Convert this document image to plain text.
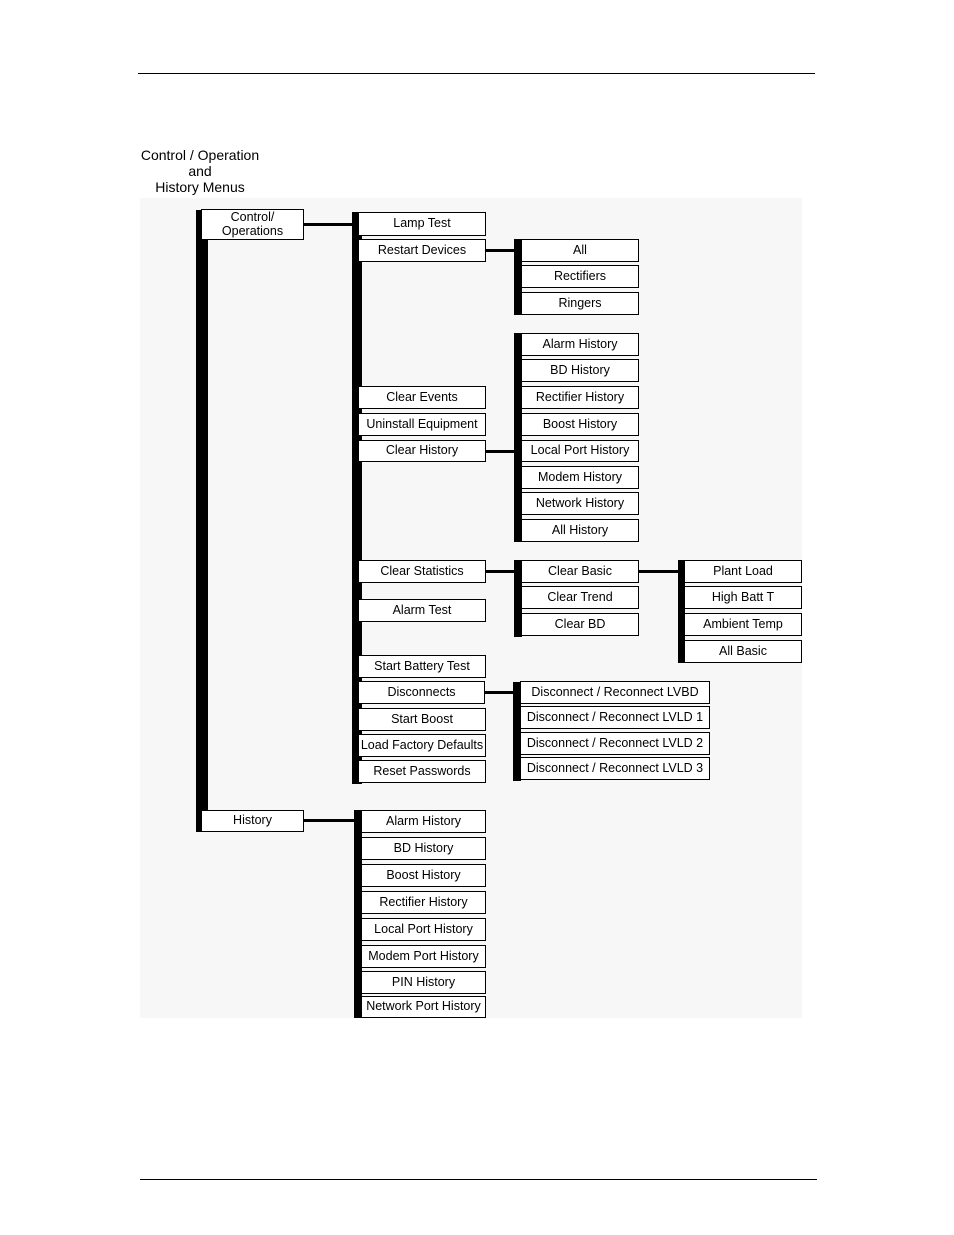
Control / Operation
and
History Menus
Control/
Operations
History
Lamp Test
Restart Devices
Clear Events
Uninstall Equipment
Clear History
Clear Statistics
Alarm Test
Start Battery Test
Disconnects
Start Boost
Load Factory Defaults
Reset Passwords
All
Rectifiers
Ringers
Alarm History
BD History
Rectifier History
Boost History
Local Port History
Modem History
Network History
All History
Clear Basic
Clear Trend
Clear BD
Plant Load
High Batt T
Ambient Temp
All Basic
Disconnect / Reconnect LVBD
Disconnect / Reconnect LVLD 1
Disconnect / Reconnect LVLD 2
Disconnect / Reconnect LVLD 3
Alarm History
BD History
Boost History
Rectifier History
Local Port History
Modem Port History
PIN History
Network Port History
